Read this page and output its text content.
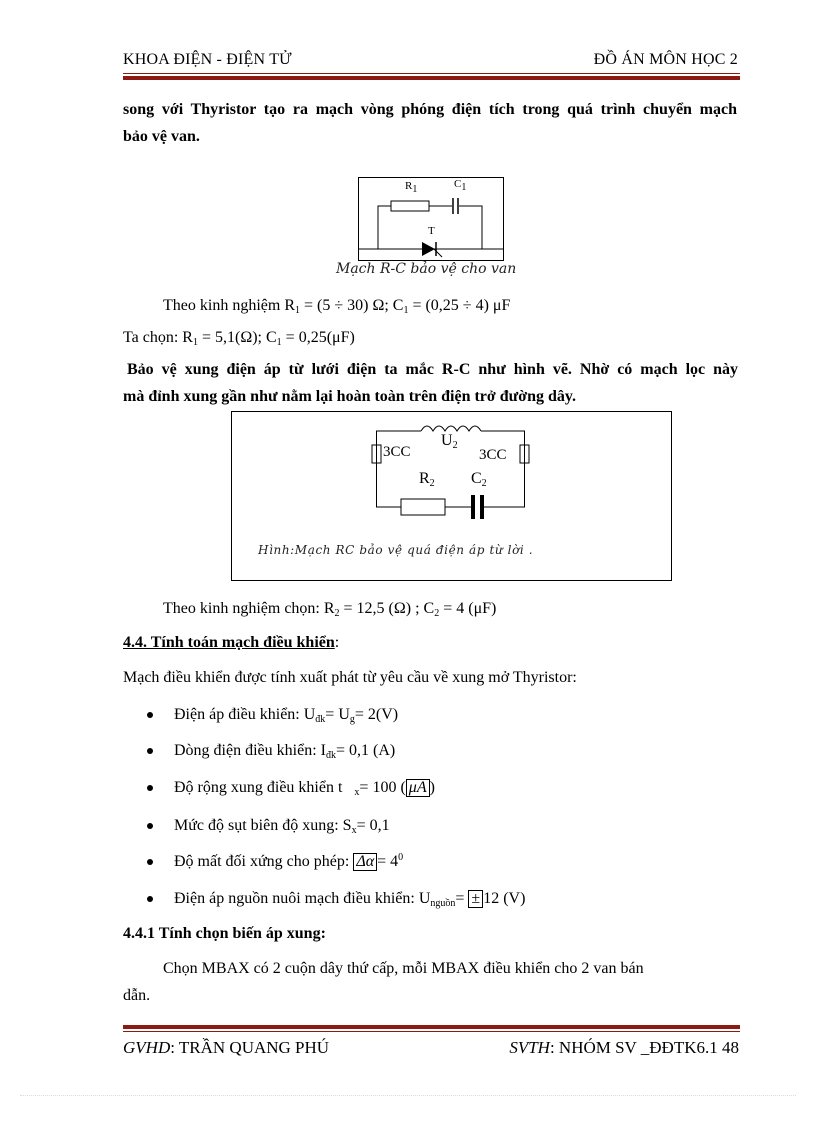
KHOA ĐIỆN - ĐIỆN TỬ	ĐỒ ÁN MÔN HỌC 2
song với Thyristor tạo ra mạch vòng phóng điện tích trong quá trình chuyển mạch
bảo vệ van.
$R_1$	$C_1$
T
Mạch R-C bảo vệ cho van
Theo kinh nghiệm $R_1 = (5 \div 30)$ Ω; $C_1 = (0,25 \div 4)$ μF
Ta chọn: $R_1 = 5,1(\Omega)$; $C_1 = 0,25(\mu F)$
Bảo vệ xung điện áp từ lưới điện ta mắc R-C như hình vẽ. Nhờ có mạch lọc này
mà đỉnh xung gần như nằm lại hoàn toàn trên điện trở đường dây.
3CC	3CC
$U_2$
$R_2$ $C_2$
Hình:Mạch RC bảo vệ quá điện áp từ lời .
Theo kinh nghiệm chọn: $R_2 = 12,5$ (Ω) ; $C_2 = 4$ (μF)
4.4. Tính toán mạch điều khiển:
Mạch điều khiển được tính xuất phát từ yêu cầu về xung mở Thyristor:
Điện áp điều khiển: $U_{đk}= U_g= 2(V)$
Dòng điện điều khiển: $I_{đk}= 0,1$ (A)
Độ rộng xung điều khiển t $_x$= 100 ( μA )
Mức độ sụt biên độ xung: $S_x= 0,1$
Độ mất đối xứng cho phép: $\Delta\alpha = 4^0$
Điện áp nguồn nuôi mạch điều khiển: $U_{nguồn}= \pm 12$ (V)
4.4.1 Tính chọn biến áp xung:
Chọn MBAX có 2 cuộn dây thứ cấp, mỗi MBAX điều khiển cho 2 van bán
dẫn.
GVHD: TRẦN QUANG PHÚ	SVTH: NHÓM SV _ĐĐTK6.1 48
